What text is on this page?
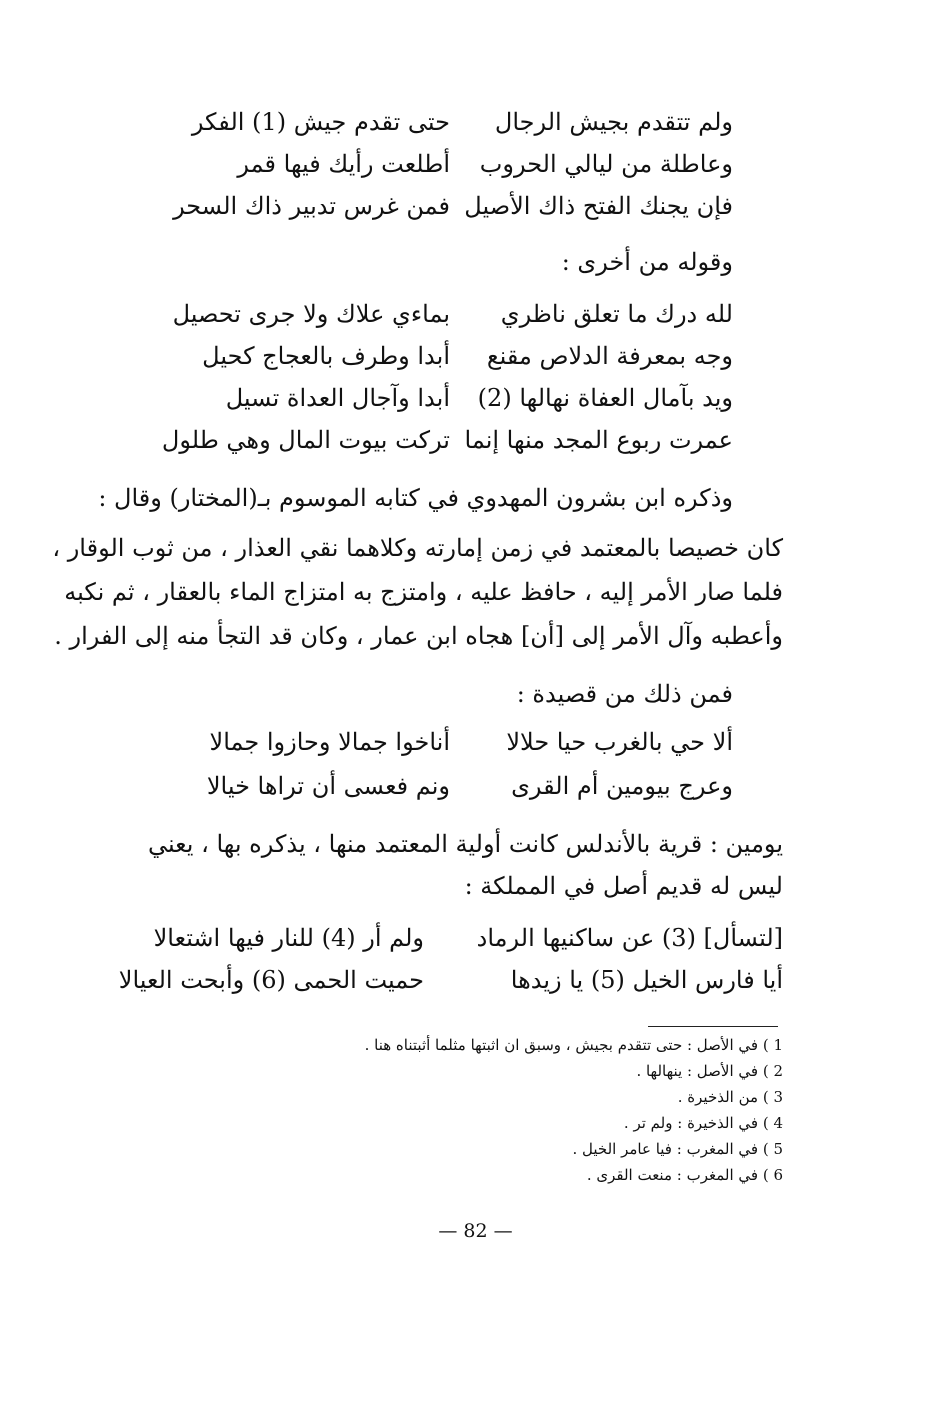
ولم تتقدم بجيش الرجال
حتى تقدم جيش (1) الفكر
وعاطلة من ليالي الحروب
أطلعت رأيك فيها قمر
فإن يجنك الفتح ذاك الأصيل
فمن غرس تدبير ذاك السحر
وقوله من أخرى :
لله درك ما تعلق ناظري
بماءي علاك ولا جرى تحصيل
وجه بمعرفة الدلاص مقنع
أبدا وطرف بالعجاج كحيل
ويد بآمال العفاة نهالها (2)
أبدا وآجال العداة تسيل
عمرت ربوع المجد منها إنما
تركت بيوت المال وهي طلول
وذكره ابن بشرون المهدوي في كتابه الموسوم بـ(المختار) وقال :
كان خصيصا بالمعتمد في زمن إمارته وكلاهما نقي العذار ، من ثوب الوقار ،
فلما صار الأمر إليه ، حافظ عليه ، وامتزج به امتزاج الماء بالعقار ، ثم نكبه
وأعطبه وآل الأمر إلى [أن] هجاه ابن عمار ، وكان قد التجأ منه إلى الفرار .
فمن ذلك من قصيدة :
ألا حي بالغرب حيا حلالا
أناخوا جمالا وحازوا جمالا
وعرج بيومين أم القرى
ونم فعسى أن تراها خيالا
يومين : قرية بالأندلس كانت أولية المعتمد منها ، يذكره بها ، يعني
ليس له قديم أصل في المملكة :
[لتسأل] (3) عن ساكنيها الرماد
ولم أر (4) للنار فيها اشتعالا
أيا فارس الخيل (5) يا زيدها
حميت الحمى (6) وأبحت العيالا
1 ) في الأصل : حتى تتقدم بجيش ، وسبق ان اثبتها مثلما أثبتناه هنا .
2 ) في الأصل : ينهالها .
3 ) من الذخيرة .
4 ) في الذخيرة : ولم تر .
5 ) في المغرب : فيا عامر الخيل .
6 ) في المغرب : منعت القرى .
— 82 —
